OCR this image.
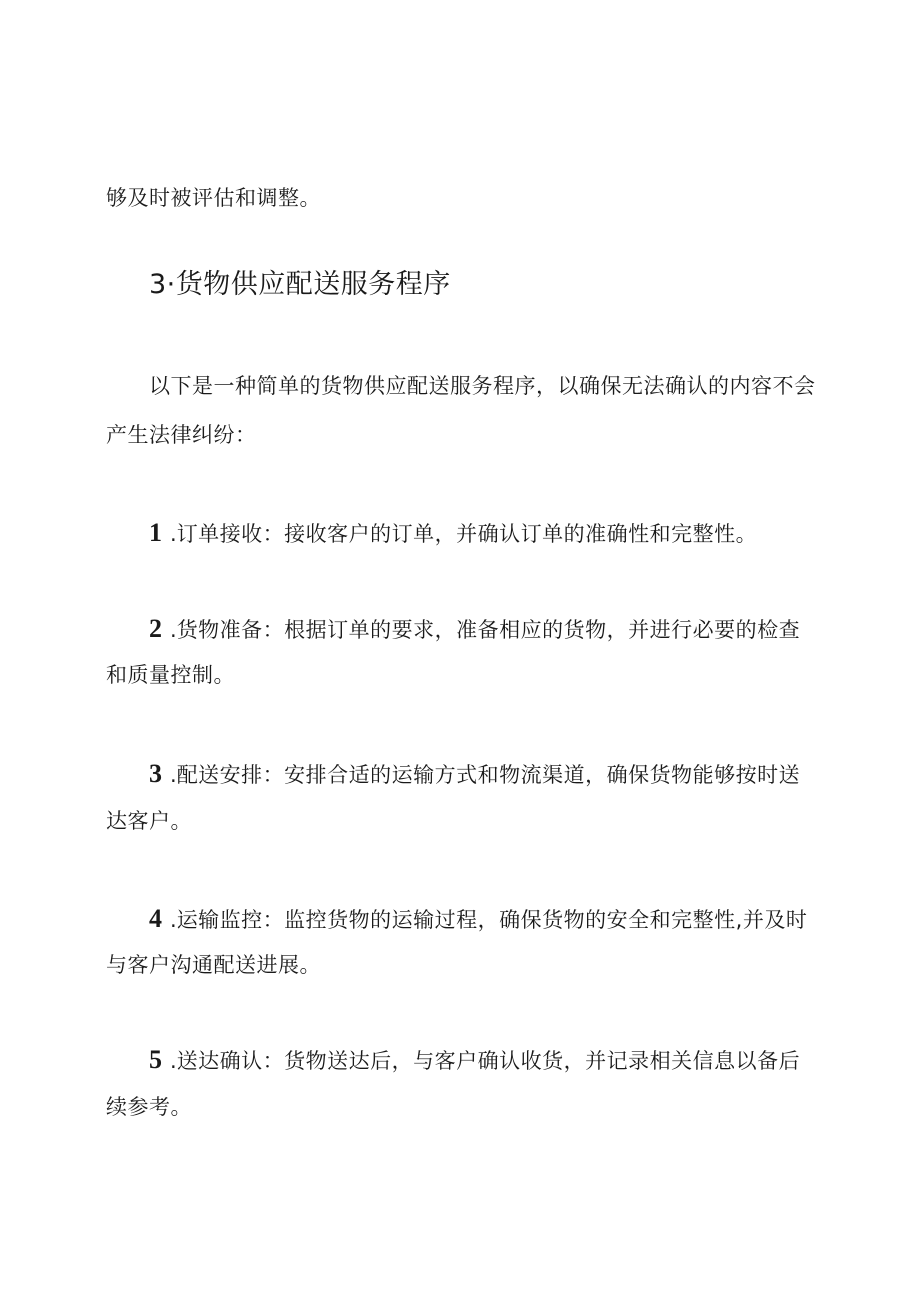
够及时被评估和调整。
3·货物供应配送服务程序
以下是一种简单的货物供应配送服务程序，以确保无法确认的内容不会
产生法律纠纷：
1 .订单接收：接收客户的订单，并确认订单的准确性和完整性。
2 .货物准备：根据订单的要求，准备相应的货物，并进行必要的检查
和质量控制。
3 .配送安排：安排合适的运输方式和物流渠道，确保货物能够按时送
达客户。
4 .运输监控：监控货物的运输过程，确保货物的安全和完整性,并及时
与客户沟通配送进展。
5 .送达确认：货物送达后，与客户确认收货，并记录相关信息以备后
续参考。
